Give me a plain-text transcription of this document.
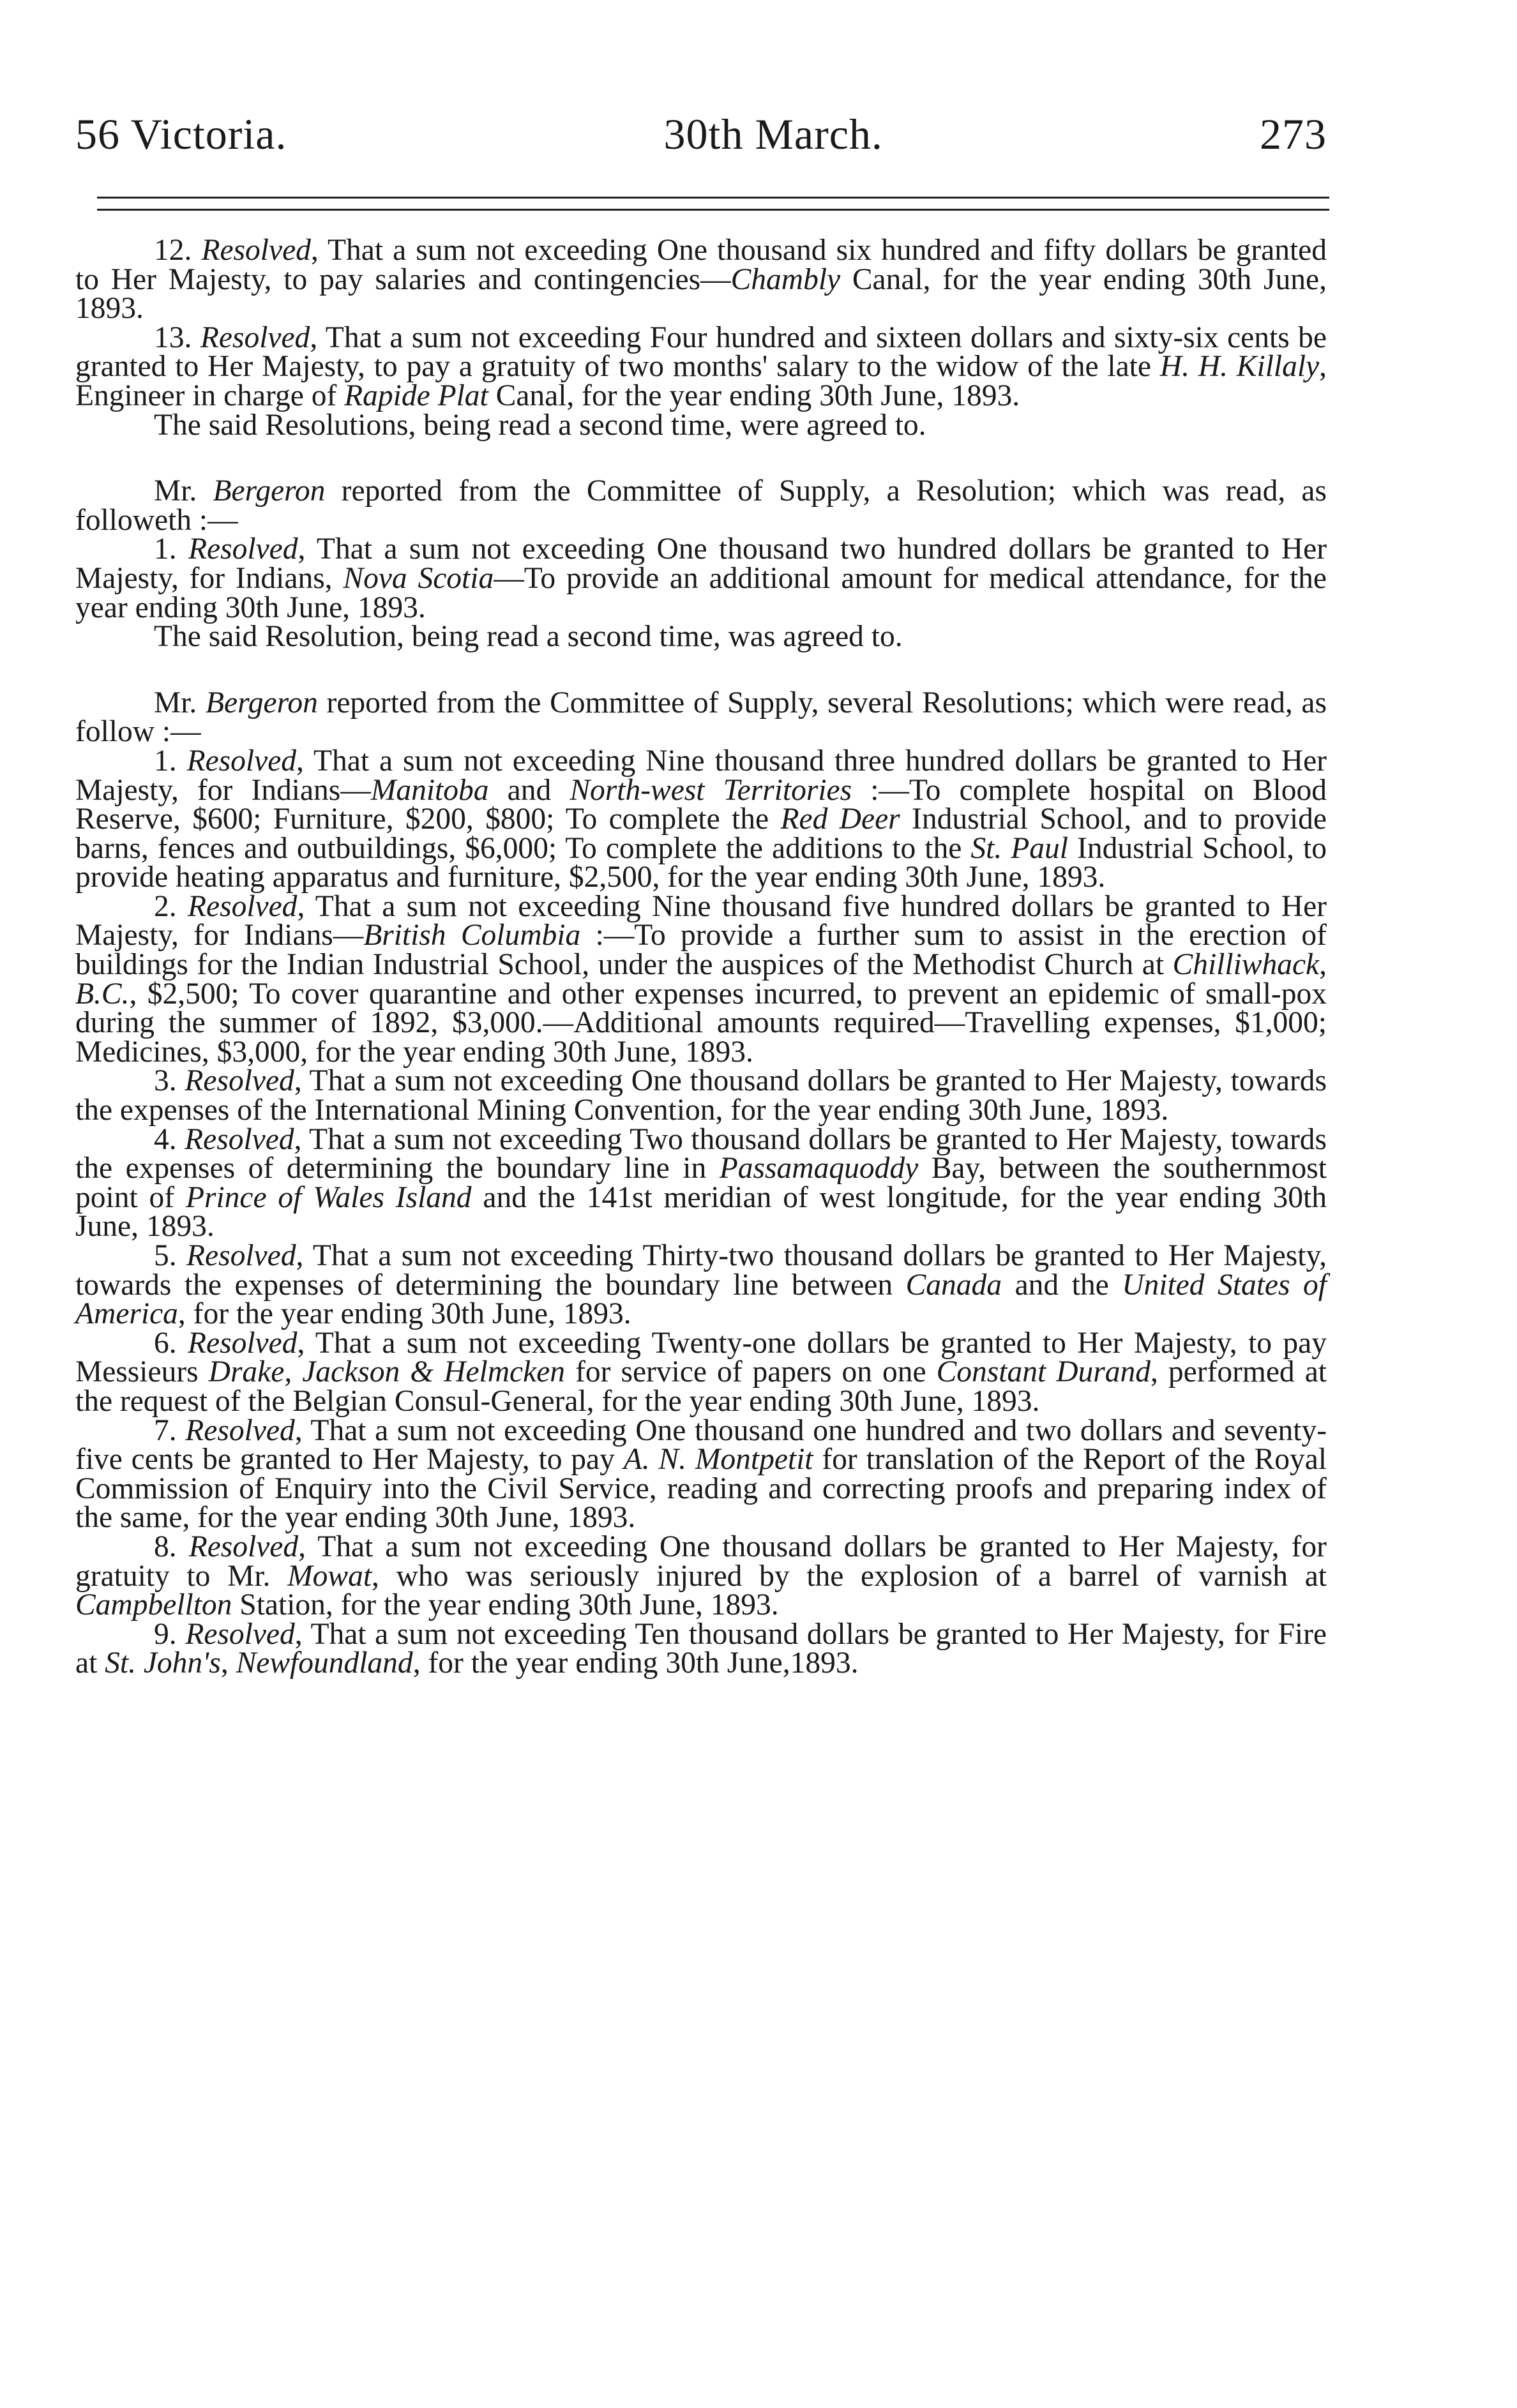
56 Victoria.	30th March.	273

12. Resolved, That a sum not exceeding One thousand six hundred and fifty dollars be granted to Her Majesty, to pay salaries and contingencies—Chambly Canal, for the year ending 30th June, 1893.

13. Resolved, That a sum not exceeding Four hundred and sixteen dollars and sixty-six cents be granted to Her Majesty, to pay a gratuity of two months' salary to the widow of the late H. H. Killaly, Engineer in charge of Rapide Plat Canal, for the year ending 30th June, 1893.

The said Resolutions, being read a second time, were agreed to.

Mr. Bergeron reported from the Committee of Supply, a Resolution; which was read, as followeth :—

1. Resolved, That a sum not exceeding One thousand two hundred dollars be granted to Her Majesty, for Indians, Nova Scotia—To provide an additional amount for medical attendance, for the year ending 30th June, 1893.

The said Resolution, being read a second time, was agreed to.

Mr. Bergeron reported from the Committee of Supply, several Resolutions; which were read, as follow :—

1. Resolved, That a sum not exceeding Nine thousand three hundred dollars be granted to Her Majesty, for Indians—Manitoba and North-west Territories :—To complete hospital on Blood Reserve, $600; Furniture, $200, $800; To complete the Red Deer Industrial School, and to provide barns, fences and outbuildings, $6,000; To complete the additions to the St. Paul Industrial School, to provide heating apparatus and furniture, $2,500, for the year ending 30th June, 1893.

2. Resolved, That a sum not exceeding Nine thousand five hundred dollars be granted to Her Majesty, for Indians—British Columbia :—To provide a further sum to assist in the erection of buildings for the Indian Industrial School, under the auspices of the Methodist Church at Chilliwhack, B.C., $2,500; To cover quarantine and other expenses incurred, to prevent an epidemic of small-pox during the summer of 1892, $3,000.—Additional amounts required—Travelling expenses, $1,000; Medicines, $3,000, for the year ending 30th June, 1893.

3. Resolved, That a sum not exceeding One thousand dollars be granted to Her Majesty, towards the expenses of the International Mining Convention, for the year ending 30th June, 1893.

4. Resolved, That a sum not exceeding Two thousand dollars be granted to Her Majesty, towards the expenses of determining the boundary line in Passamaquoddy Bay, between the southernmost point of Prince of Wales Island and the 141st meridian of west longitude, for the year ending 30th June, 1893.

5. Resolved, That a sum not exceeding Thirty-two thousand dollars be granted to Her Majesty, towards the expenses of determining the boundary line between Canada and the United States of America, for the year ending 30th June, 1893.

6. Resolved, That a sum not exceeding Twenty-one dollars be granted to Her Majesty, to pay Messieurs Drake, Jackson & Helmcken for service of papers on one Constant Durand, performed at the request of the Belgian Consul-General, for the year ending 30th June, 1893.

7. Resolved, That a sum not exceeding One thousand one hundred and two dollars and seventy-five cents be granted to Her Majesty, to pay A. N. Montpetit for translation of the Report of the Royal Commission of Enquiry into the Civil Service, reading and correcting proofs and preparing index of the same, for the year ending 30th June, 1893.

8. Resolved, That a sum not exceeding One thousand dollars be granted to Her Majesty, for gratuity to Mr. Mowat, who was seriously injured by the explosion of a barrel of varnish at Campbellton Station, for the year ending 30th June, 1893.

9. Resolved, That a sum not exceeding Ten thousand dollars be granted to Her Majesty, for Fire at St. John's, Newfoundland, for the year ending 30th June,1893.
